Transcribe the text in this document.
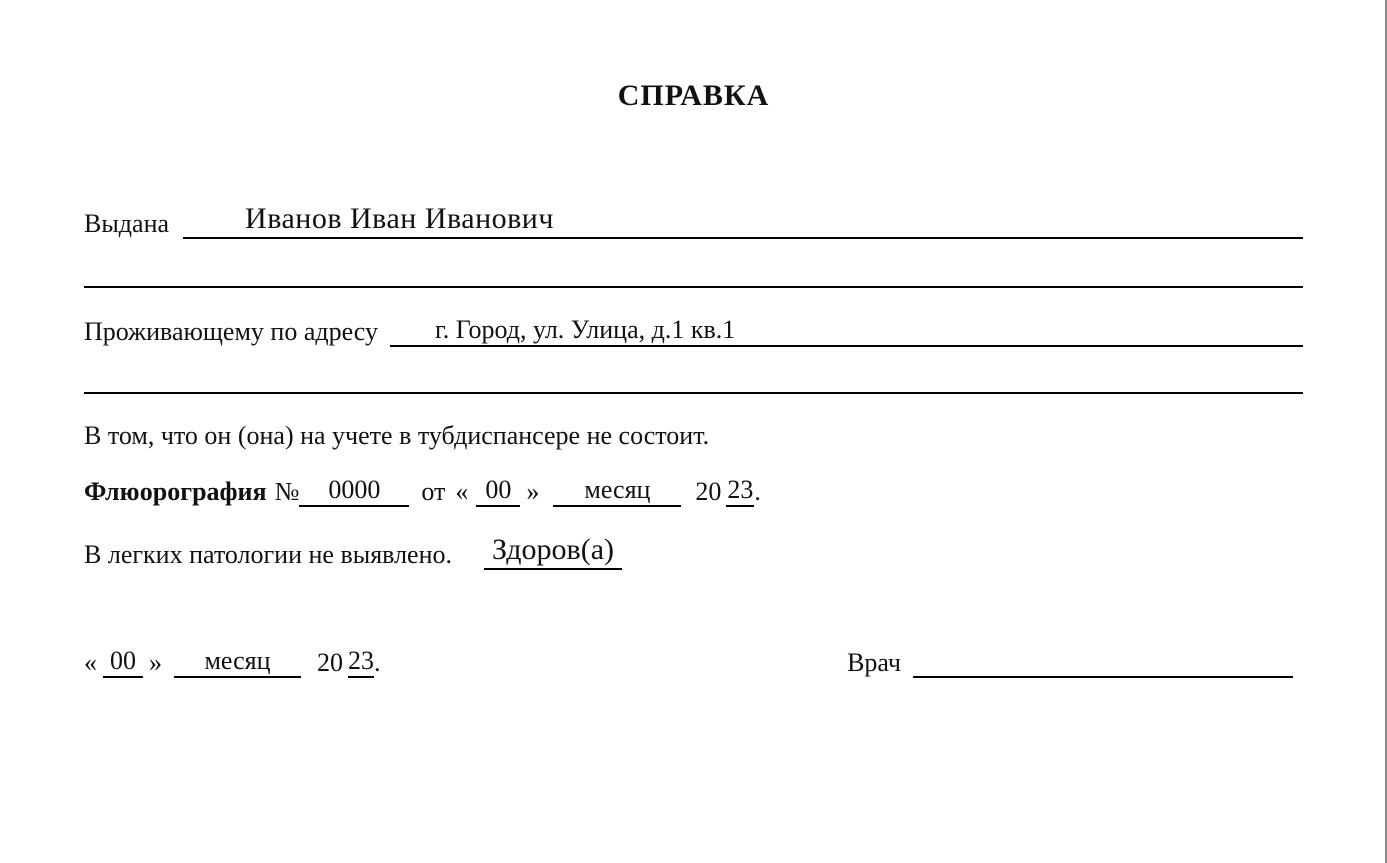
СПРАВКА
Выдана	Иванов Иван Иванович
Проживающему по адресу	г. Город, ул. Улица, д.1 кв.1
В том, что он (она) на учете в тубдиспансере не состоит.
Флюорография №	0000	от « 00 »	месяц	20 23 .
В легких патологии не выявлено. Здоров(а)
« 00 »	месяц	20 23 .	Врач
